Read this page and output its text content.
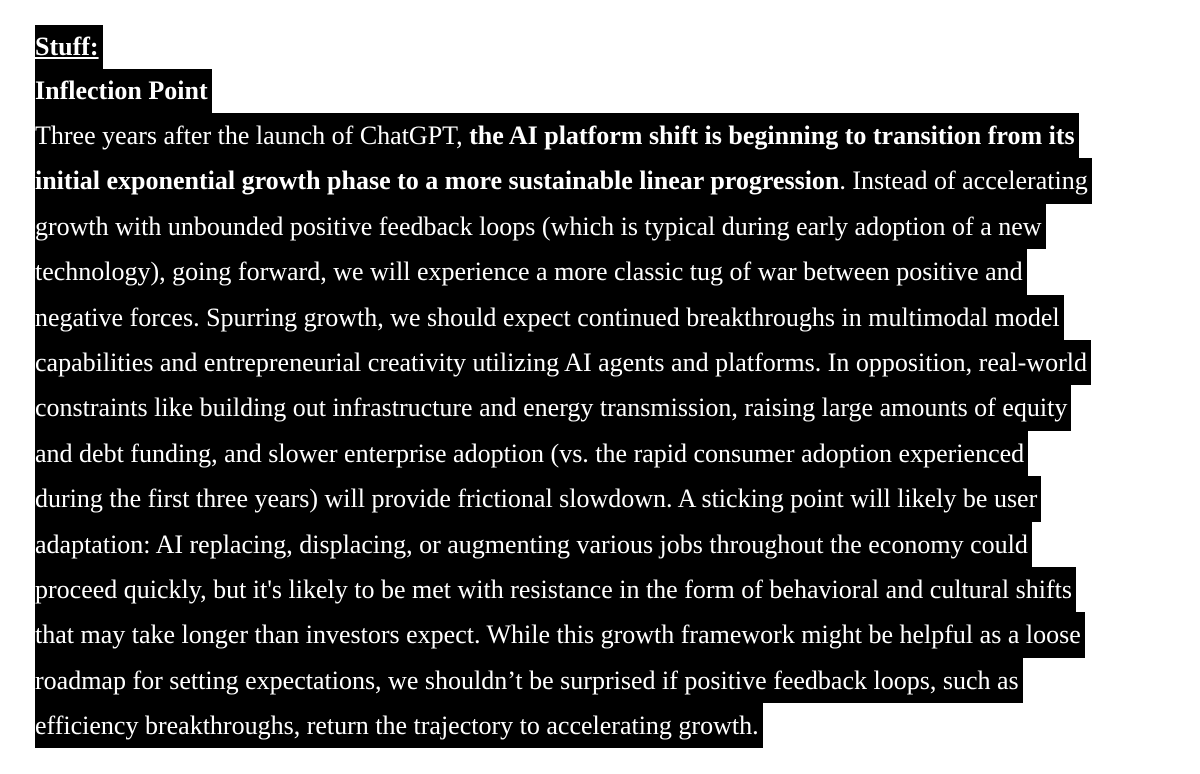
Stuff:
Inflection Point
Three years after the launch of ChatGPT, the AI platform shift is beginning to transition from its
initial exponential growth phase to a more sustainable linear progression. Instead of accelerating
growth with unbounded positive feedback loops (which is typical during early adoption of a new
technology), going forward, we will experience a more classic tug of war between positive and
negative forces. Spurring growth, we should expect continued breakthroughs in multimodal model
capabilities and entrepreneurial creativity utilizing AI agents and platforms. In opposition, real-world
constraints like building out infrastructure and energy transmission, raising large amounts of equity
and debt funding, and slower enterprise adoption (vs. the rapid consumer adoption experienced
during the first three years) will provide frictional slowdown. A sticking point will likely be user
adaptation: AI replacing, displacing, or augmenting various jobs throughout the economy could
proceed quickly, but it's likely to be met with resistance in the form of behavioral and cultural shifts
that may take longer than investors expect. While this growth framework might be helpful as a loose
roadmap for setting expectations, we shouldn’t be surprised if positive feedback loops, such as
efficiency breakthroughs, return the trajectory to accelerating growth.
